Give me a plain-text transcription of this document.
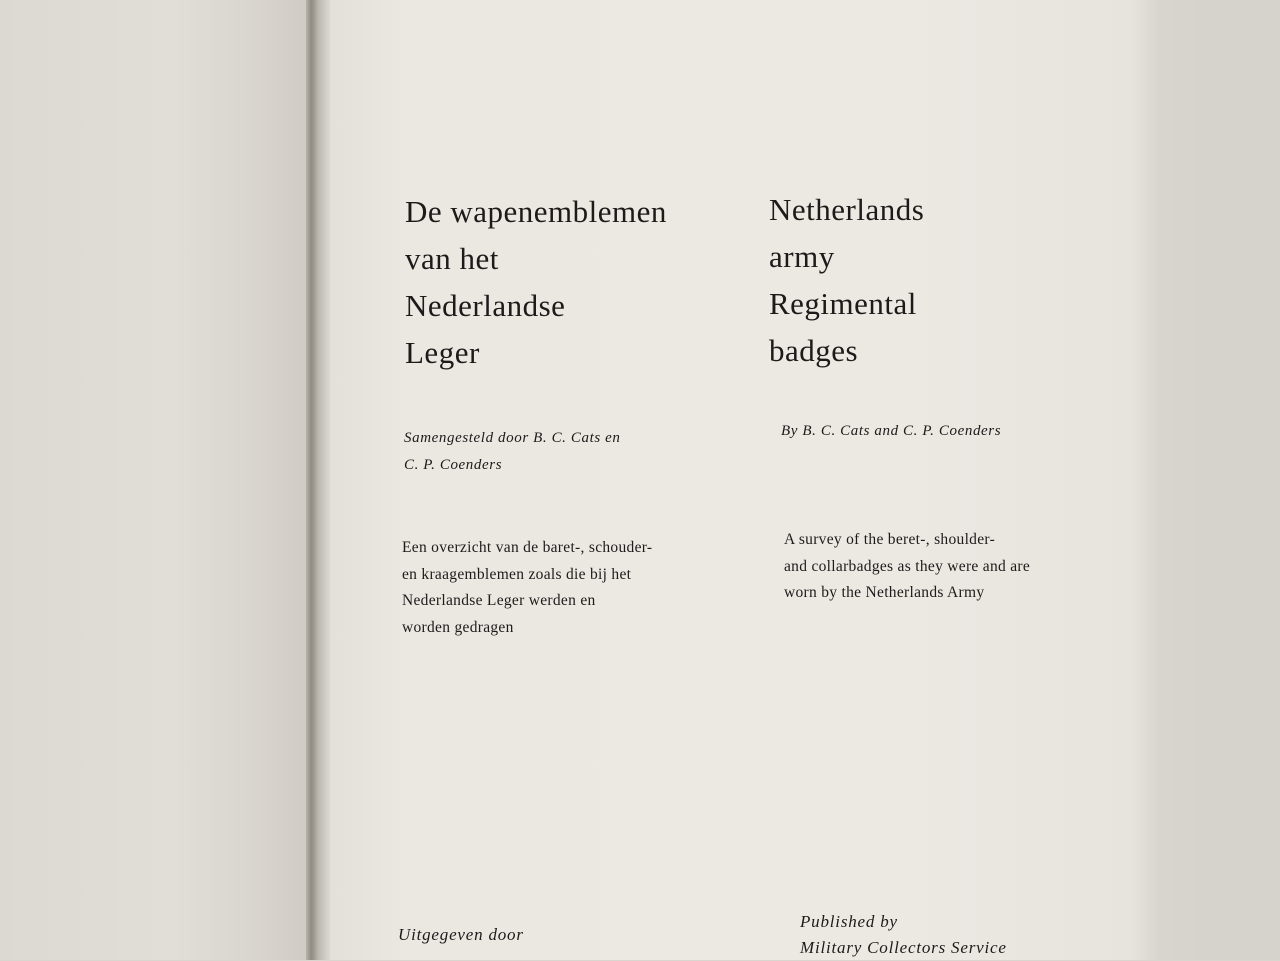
De wapenemblemen
van het
Nederlandse
Leger
Netherlands
army
Regimental
badges
Samengesteld door B. C. Cats en
C. P. Coenders
By B. C. Cats and C. P. Coenders
Een overzicht van de baret-, schouder-
en kraagemblemen zoals die bij het
Nederlandse Leger werden en
worden gedragen
A survey of the beret-, shoulder-
and collarbadges as they were and are
worn by the Netherlands Army
Uitgegeven door
Published by
Military Collectors Service
